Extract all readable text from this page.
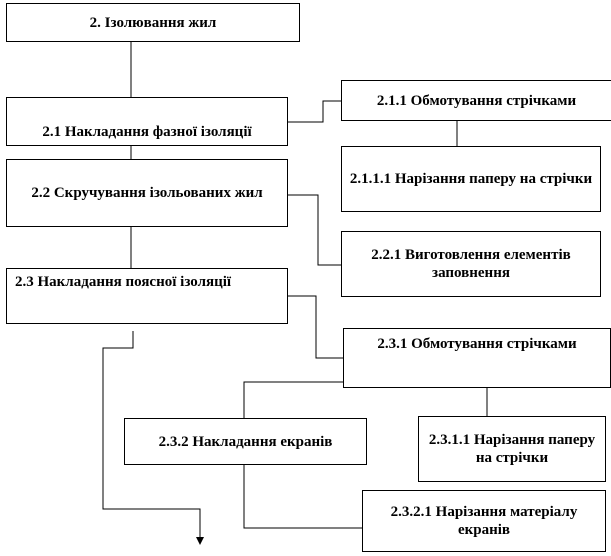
2. Ізолювання жил
2.1 Накладання фазної ізоляції
2.2 Скручування ізольованих жил
2.3 Накладання поясної ізоляції
2.1.1 Обмотування стрічками
2.1.1.1 Нарізання паперу на стрічки
2.2.1 Виготовлення елементів заповнення
2.3.1 Обмотування стрічками
2.3.2 Накладання екранів	2.3.1.1 Нарізання паперу на стрічки
2.3.2.1 Нарізання матеріалу екранів
